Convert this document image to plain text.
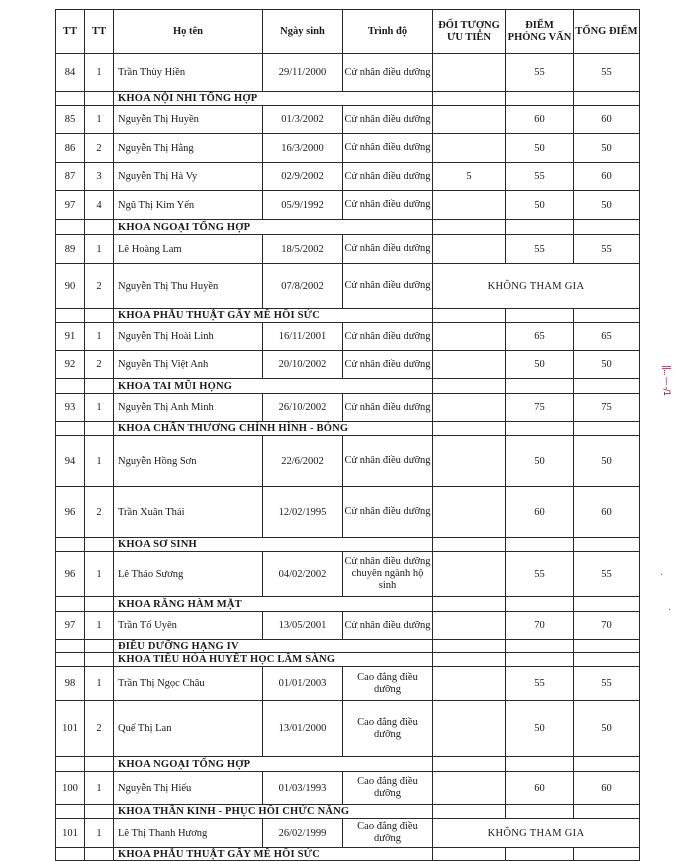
TT	TT	Họ tên	Ngày sinh	Trình độ	ĐỐI TƯỢNG ƯU TIÊN	ĐIỂM PHỎNG VẤN	TỔNG ĐIỂM
84	1	Trần Thùy Hiền	29/11/2000	Cử nhân điều dưỡng		55	55
		KHOA NỘI NHI TỔNG HỢP					
85	1	Nguyễn Thị Huyền	01/3/2002	Cử nhân điều dưỡng		60	60
86	2	Nguyễn Thị Hằng	16/3/2000	Cử nhân điều dưỡng		50	50
87	3	Nguyễn Thị Hà Vy	02/9/2002	Cử nhân điều dưỡng	5	55	60
97	4	Ngũ Thị Kim Yến	05/9/1992	Cử nhân điều dưỡng		50	50
		KHOA NGOẠI TỔNG HỢP					
89	1	Lê Hoàng Lam	18/5/2002	Cử nhân điều dưỡng		55	55
90	2	Nguyễn Thị Thu Huyền	07/8/2002	Cử nhân điều dưỡng	KHÔNG THAM GIA		
		KHOA PHẪU THUẬT GÂY MÊ HỒI SỨC					
91	1	Nguyễn Thị Hoài Linh	16/11/2001	Cử nhân điều dưỡng		65	65
92	2	Nguyễn Thị Việt Anh	20/10/2002	Cử nhân điều dưỡng		50	50
		KHOA TAI MŨI HỌNG					
93	1	Nguyễn Thị Anh Minh	26/10/2002	Cử nhân điều dưỡng		75	75
		KHOA CHẤN THƯƠNG CHỈNH HÌNH - BỎNG					
94	1	Nguyễn Hồng Sơn	22/6/2002	Cử nhân điều dưỡng		50	50
96	2	Trần Xuân Thái	12/02/1995	Cử nhân điều dưỡng		60	60
		KHOA SƠ SINH					
96	1	Lê Thảo Sương	04/02/2002	Cử nhân điều dưỡng chuyên ngành hộ sinh		55	55
		KHOA RĂNG HÀM MẶT					
97	1	Trần Tố Uyên	13/05/2001	Cử nhân điều dưỡng		70	70
		ĐIỀU DƯỠNG HẠNG IV					
		KHOA TIÊU HÓA HUYẾT HỌC LÂM SÀNG					
98	1	Trần Thị Ngọc Châu	01/01/2003	Cao đẳng điều dưỡng		55	55
101	2	Quế Thị Lan	13/01/2000	Cao đẳng điều dưỡng		50	50
		KHOA NGOẠI TỔNG HỢP					
100	1	Nguyễn Thị Hiếu	01/03/1993	Cao đẳng điều dưỡng		60	60
		KHOA THẦN KINH - PHỤC HỒI CHỨC NĂNG					
101	1	Lê Thị Thanh Hương	26/02/1999	Cao đẳng điều dưỡng	KHÔNG THAM GIA		
		KHOA PHẪU THUẬT GÂY MÊ HỒI SỨC					
||... — -/1
·
·
